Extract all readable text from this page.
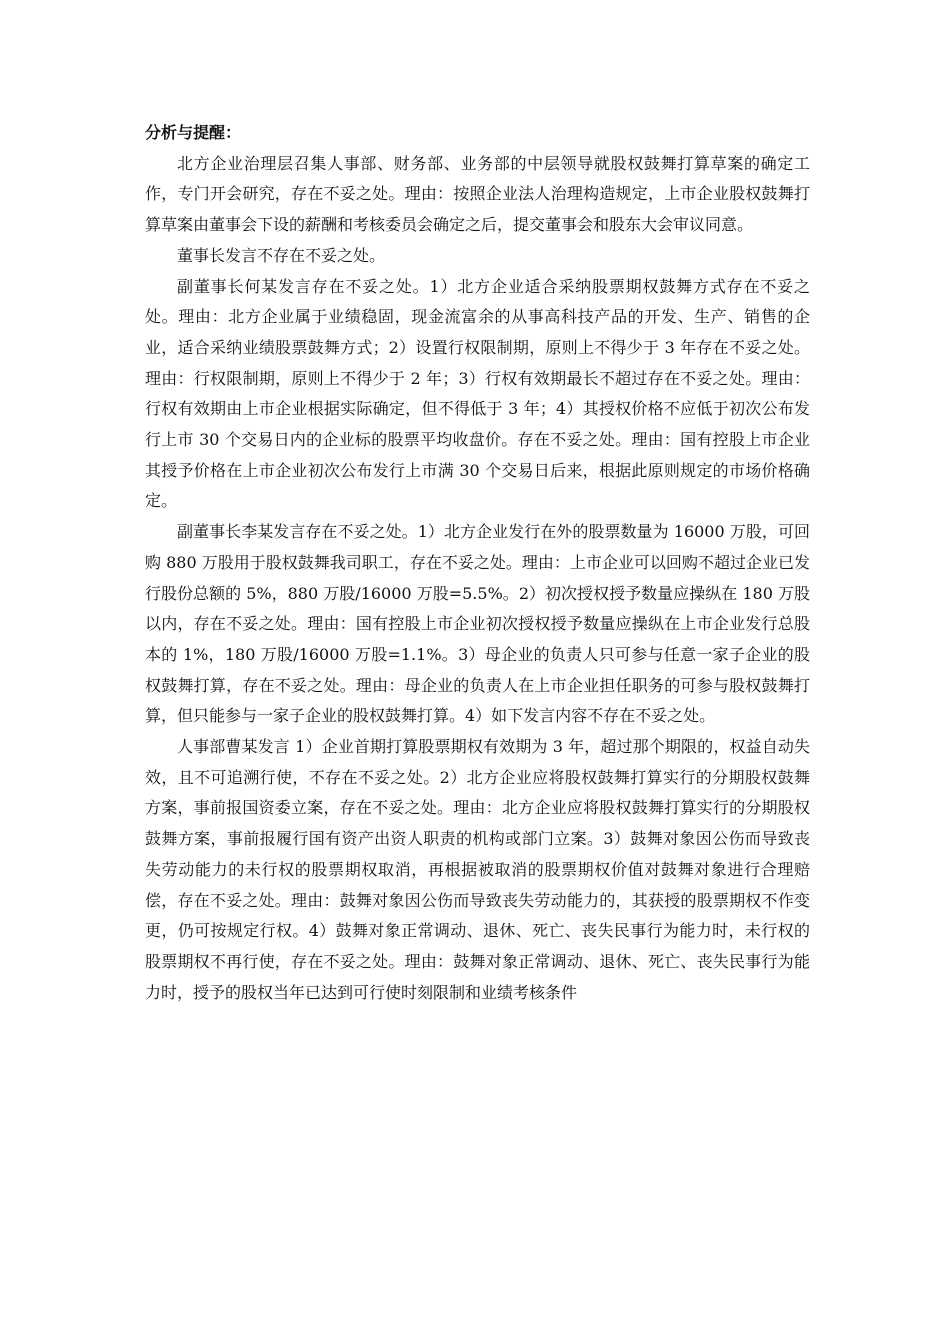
分析与提醒：

北方企业治理层召集人事部、财务部、业务部的中层领导就股权鼓舞打算草案的确定工作，专门开会研究，存在不妥之处。理由：按照企业法人治理构造规定，上市企业股权鼓舞打算草案由董事会下设的薪酬和考核委员会确定之后，提交董事会和股东大会审议同意。

董事长发言不存在不妥之处。

副董事长何某发言存在不妥之处。1）北方企业适合采纳股票期权鼓舞方式存在不妥之处。理由：北方企业属于业绩稳固，现金流富余的从事高科技产品的开发、生产、销售的企业，适合采纳业绩股票鼓舞方式；2）设置行权限制期，原则上不得少于 3 年存在不妥之处。理由：行权限制期，原则上不得少于 2 年；3）行权有效期最长不超过存在不妥之处。理由：行权有效期由上市企业根据实际确定，但不得低于 3 年；4）其授权价格不应低于初次公布发行上市 30 个交易日内的企业标的股票平均收盘价。存在不妥之处。理由：国有控股上市企业其授予价格在上市企业初次公布发行上市满 30 个交易日后来，根据此原则规定的市场价格确定。

副董事长李某发言存在不妥之处。1）北方企业发行在外的股票数量为 16000 万股，可回购 880 万股用于股权鼓舞我司职工，存在不妥之处。理由：上市企业可以回购不超过企业已发行股份总额的 5%，880 万股/16000 万股=5.5%。2）初次授权授予数量应操纵在 180 万股以内，存在不妥之处。理由：国有控股上市企业初次授权授予数量应操纵在上市企业发行总股本的 1%，180 万股/16000 万股=1.1%。3）母企业的负责人只可参与任意一家子企业的股权鼓舞打算，存在不妥之处。理由：母企业的负责人在上市企业担任职务的可参与股权鼓舞打算，但只能参与一家子企业的股权鼓舞打算。4）如下发言内容不存在不妥之处。

人事部曹某发言 1）企业首期打算股票期权有效期为 3 年，超过那个期限的，权益自动失效，且不可追溯行使，不存在不妥之处。2）北方企业应将股权鼓舞打算实行的分期股权鼓舞方案，事前报国资委立案，存在不妥之处。理由：北方企业应将股权鼓舞打算实行的分期股权鼓舞方案，事前报履行国有资产出资人职责的机构或部门立案。3）鼓舞对象因公伤而导致丧失劳动能力的未行权的股票期权取消，再根据被取消的股票期权价值对鼓舞对象进行合理赔偿，存在不妥之处。理由：鼓舞对象因公伤而导致丧失劳动能力的，其获授的股票期权不作变更，仍可按规定行权。4）鼓舞对象正常调动、退休、死亡、丧失民事行为能力时，未行权的股票期权不再行使，存在不妥之处。理由：鼓舞对象正常调动、退休、死亡、丧失民事行为能力时，授予的股权当年已达到可行使时刻限制和业绩考核条件
